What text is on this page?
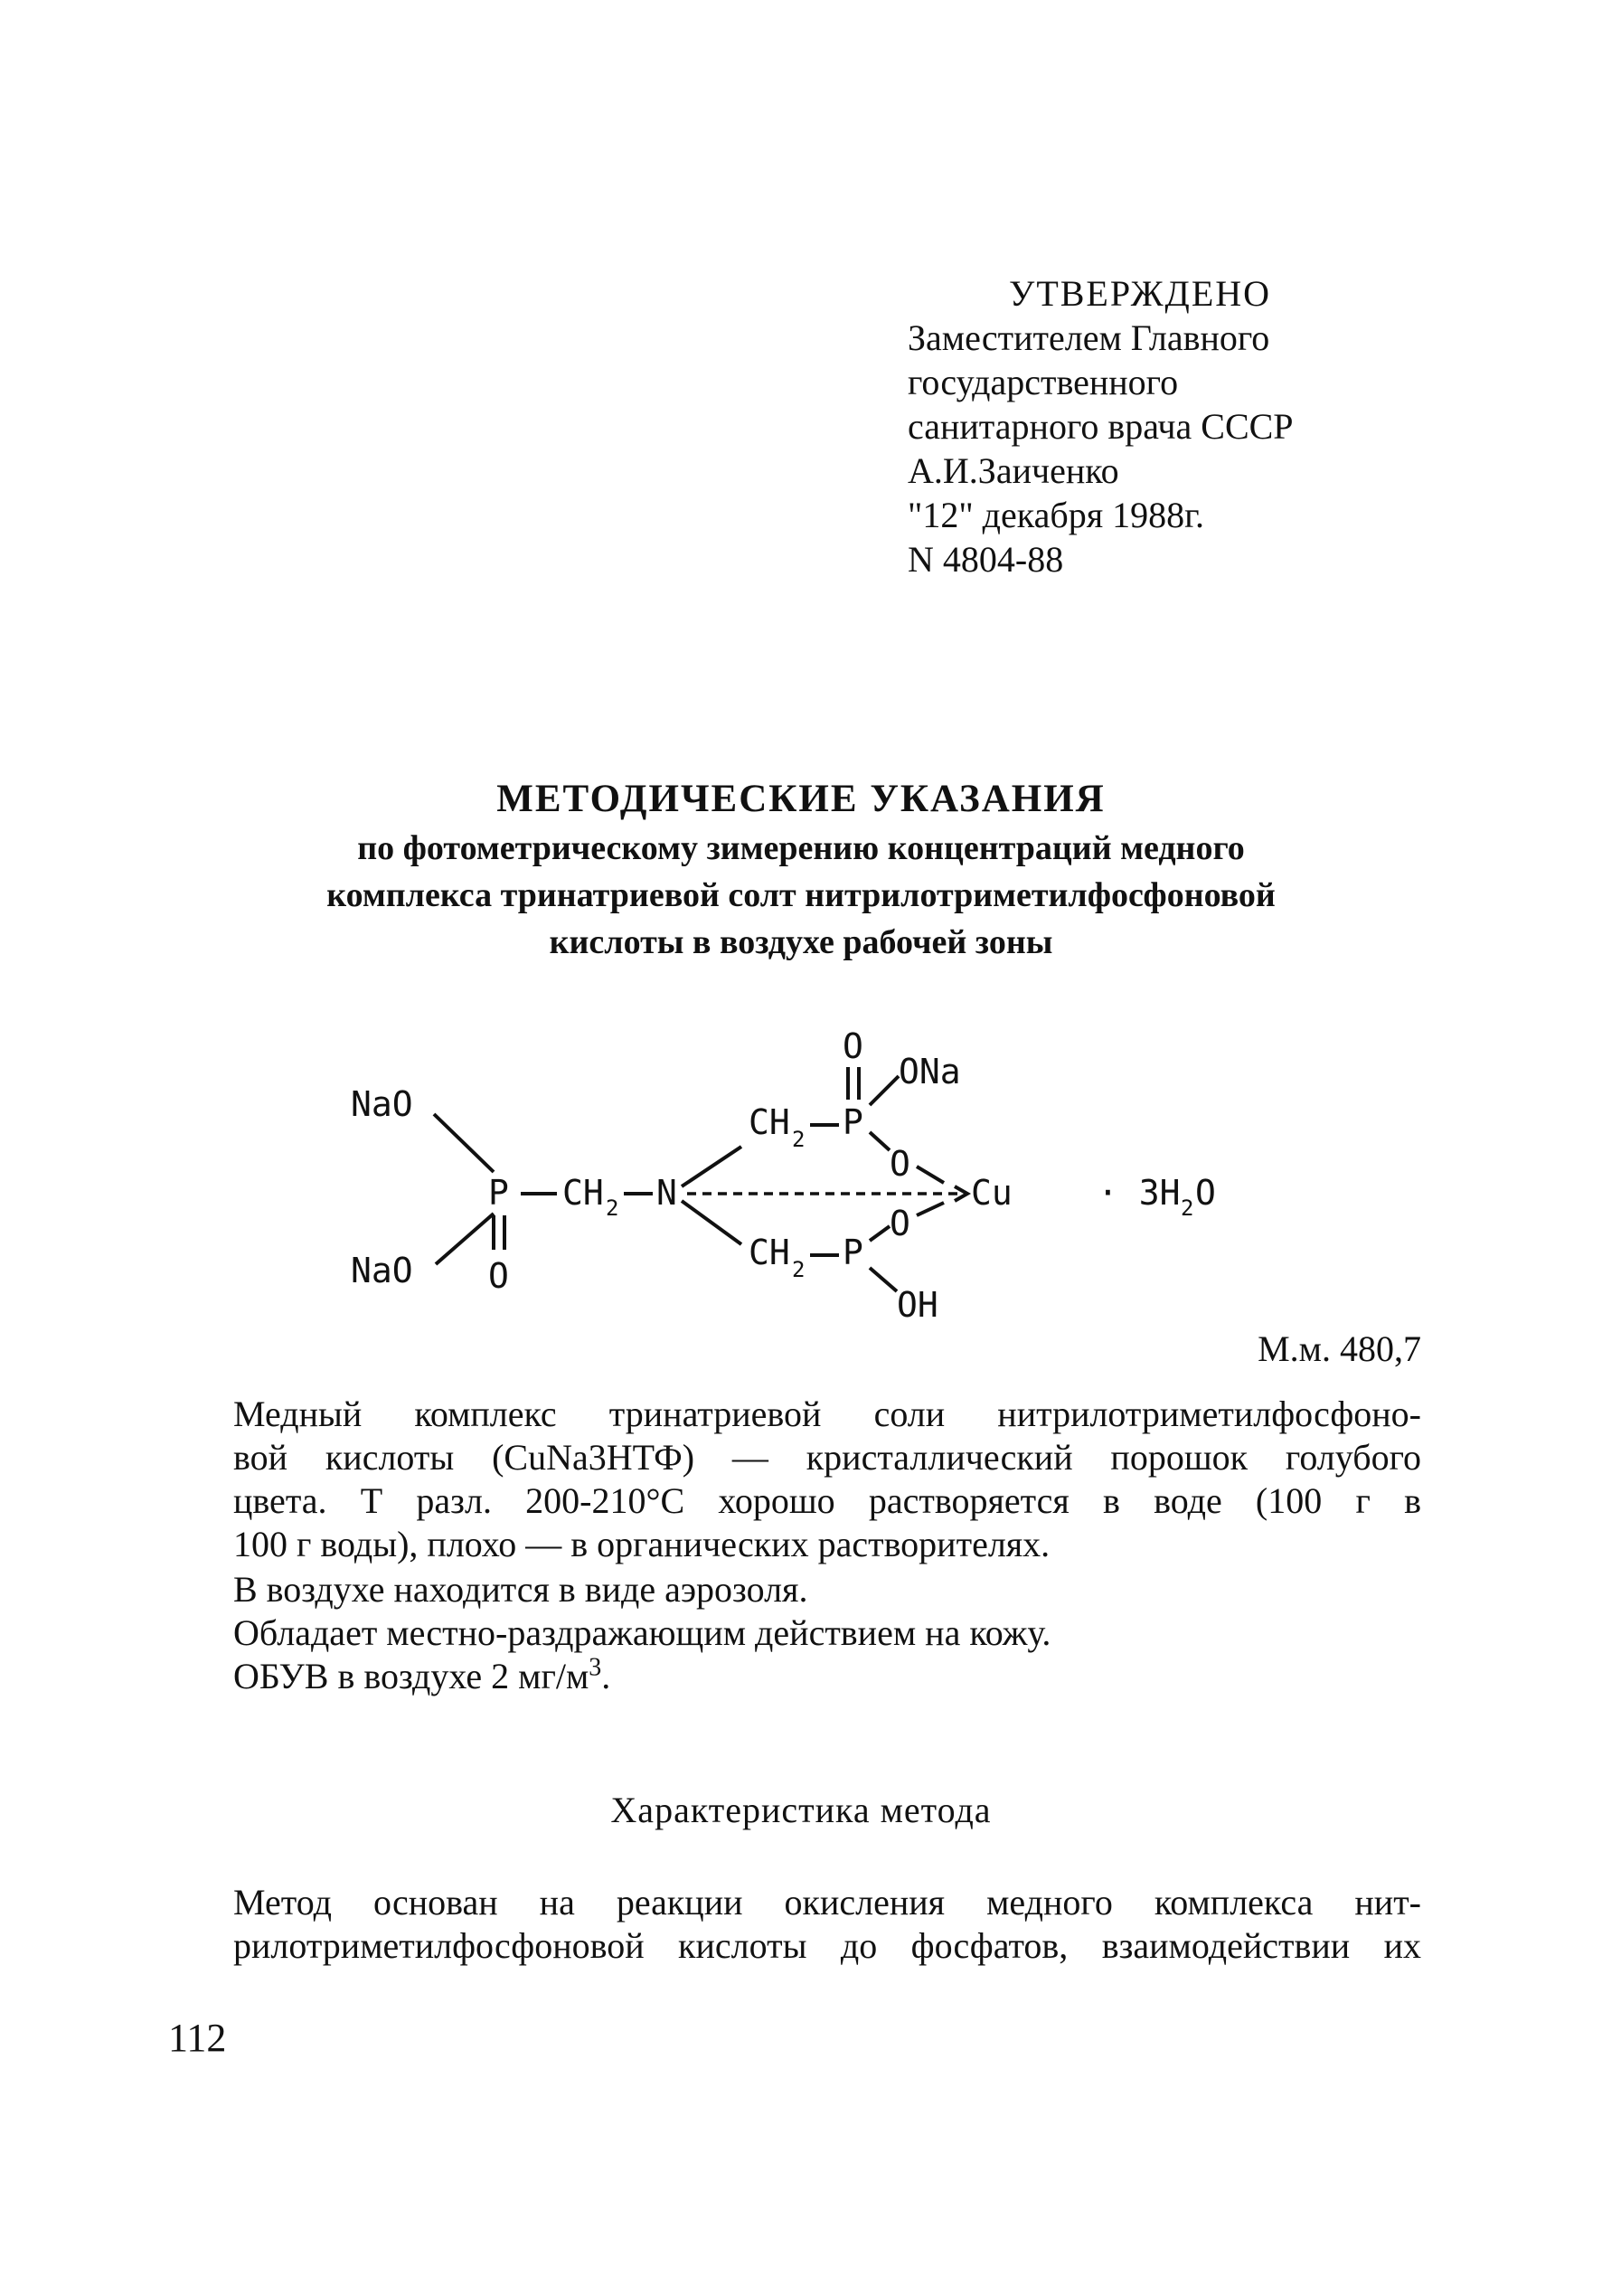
УТВЕРЖДЕНО
Заместителем Главного
государственного
санитарного врача СССР
А.И.Заиченко
"12" декабря 1988г.
N 4804-88
МЕТОДИЧЕСКИЕ УКАЗАНИЯ
по фотометрическому зимерению концентраций медного
комплекса тринатриевой солт нитрилотриметилфосфоновой
кислоты в воздухе рабочей зоны
NaO
NaO
P CH 2 N
O
CH 2 P
O
ONa
O
Cu
CH 2 P
O
OH
· 3H 2 O
М.м. 480,7
Медный комплекс тринатриевой соли нитрилотриметилфосфоно-
вой кислоты (СuNa3НТФ) — кристаллический порошок голубого
цвета. Т разл. 200-210°С хорошо растворяется в воде (100 г в
100 г воды), плохо — в органических растворителях.
В воздухе находится в виде аэрозоля.
Обладает местно-раздражающим действием на кожу.
ОБУВ в воздухе 2 $мг/м^3$.
Характеристика метода
Метод основан на реакции окисления медного комплекса нит-
рилотриметилфосфоновой кислоты до фосфатов, взаимодействии их
112
